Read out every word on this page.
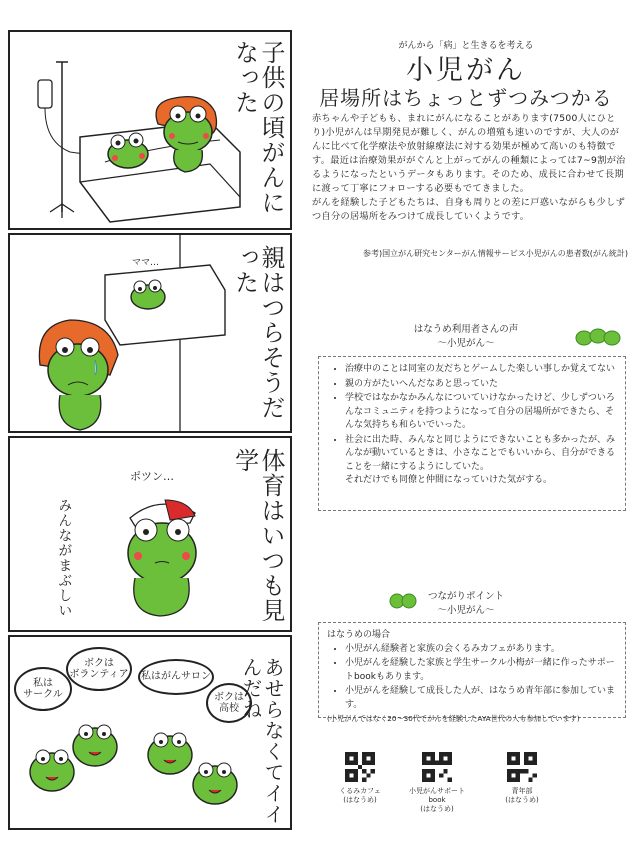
子供の頃がんになった
ママ…	親はつらそうだった
ポツン…
みんながまぶしい	体育はいつも見学
私は
サークル
ボクは
ボランティア	私はがんサロン
ボクは
高校	あせらなくてイイんだね
がんから「病」と生きるを考える
小児がん
居場所はちょっとずつみつかる
赤ちゃんや子どもも、まれにがんになることがあります(7500人にひとり)小児がんは早期発見が難しく、がんの増殖も速いのですが、大人のがんに比べて化学療法や放射線療法に対する効果が極めて高いのも特徴です。最近は治療効果ががぐんと上がってがんの種類によっては7~9割が治るようになったというデータもあります。そのため、成長に合わせて長期に渡って丁寧にフォローする必要もでてきました。
がんを経験した子どもたちは、自身も周りとの差に戸惑いながらも少しずつ自分の居場所をみつけて成長していくようです。
参考)国立がん研究センターがん情報サービス小児がんの患者数(がん統計)
はなうめ利用者さんの声
〜小児がん〜
• 治療中のことは同室の友だちとゲームした楽しい事しか覚えてない
• 親の方がたいへんだなあと思っていた
• 学校ではなかなかみんなについていけなかったけど、少しずついろんなコミュニティを持つようになって自分の居場所ができたら、そんな気持ちも和らいでいった。
• 社会に出た時、みんなと同じようにできないことも多かったが、みんなが動いているときは、小さなことでもいいから、自分ができることを一緒にするようにしていた。
それだけでも同僚と仲間になっていけた気がする。
つながりポイント
〜小児がん〜
はなうめの場合
• 小児がん経験者と家族の会くるみカフェがあります。
• 小児がんを経験した家族と学生サークル小梅が一緒に作ったサポートbookもあります。
• 小児がんを経験して成長した人が、はなうめ青年部に参加しています。
(小児がんではなく20〜30代でがんを経験したAYA世代の人も参加しています)
くるみカフェ
(はなうめ)
小児がんサポートbook
(はなうめ)
青年部
(はなうめ)
